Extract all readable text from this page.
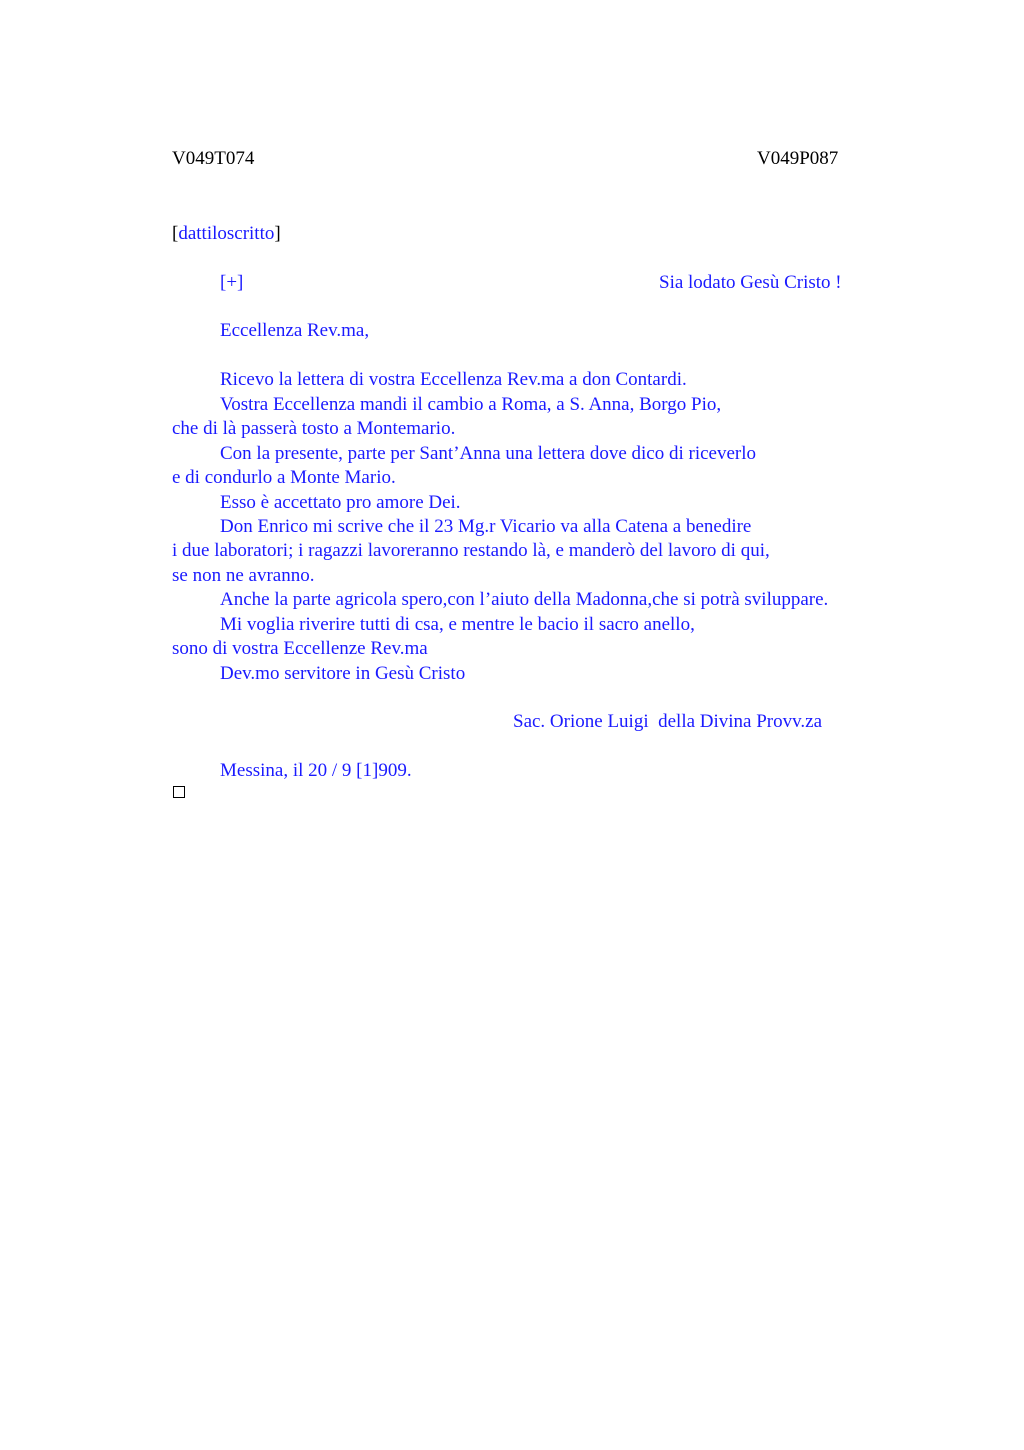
V049T074	V049P087
[dattiloscritto]
[+]	Sia lodato Gesù Cristo !
Eccellenza Rev.ma,
Ricevo la lettera di vostra Eccellenza Rev.ma a don Contardi.
Vostra Eccellenza mandi il cambio a Roma, a S. Anna, Borgo Pio,
che di là passerà tosto a Montemario.
Con la presente, parte per Sant’Anna una lettera dove dico di riceverlo
e di condurlo a Monte Mario.
Esso è accettato pro amore Dei.
Don Enrico mi scrive che il 23 Mg.r Vicario va alla Catena a benedire
i due laboratori; i ragazzi lavoreranno restando là, e manderò del lavoro di qui,
se non ne avranno.
Anche la parte agricola spero,con l’aiuto della Madonna,che si potrà sviluppare.
Mi voglia riverire tutti di csa, e mentre le bacio il sacro anello,
sono di vostra Eccellenze Rev.ma
Dev.mo servitore in Gesù Cristo
Sac. Orione Luigi  della Divina Provv.za
Messina, il 20 / 9 [1]909.
